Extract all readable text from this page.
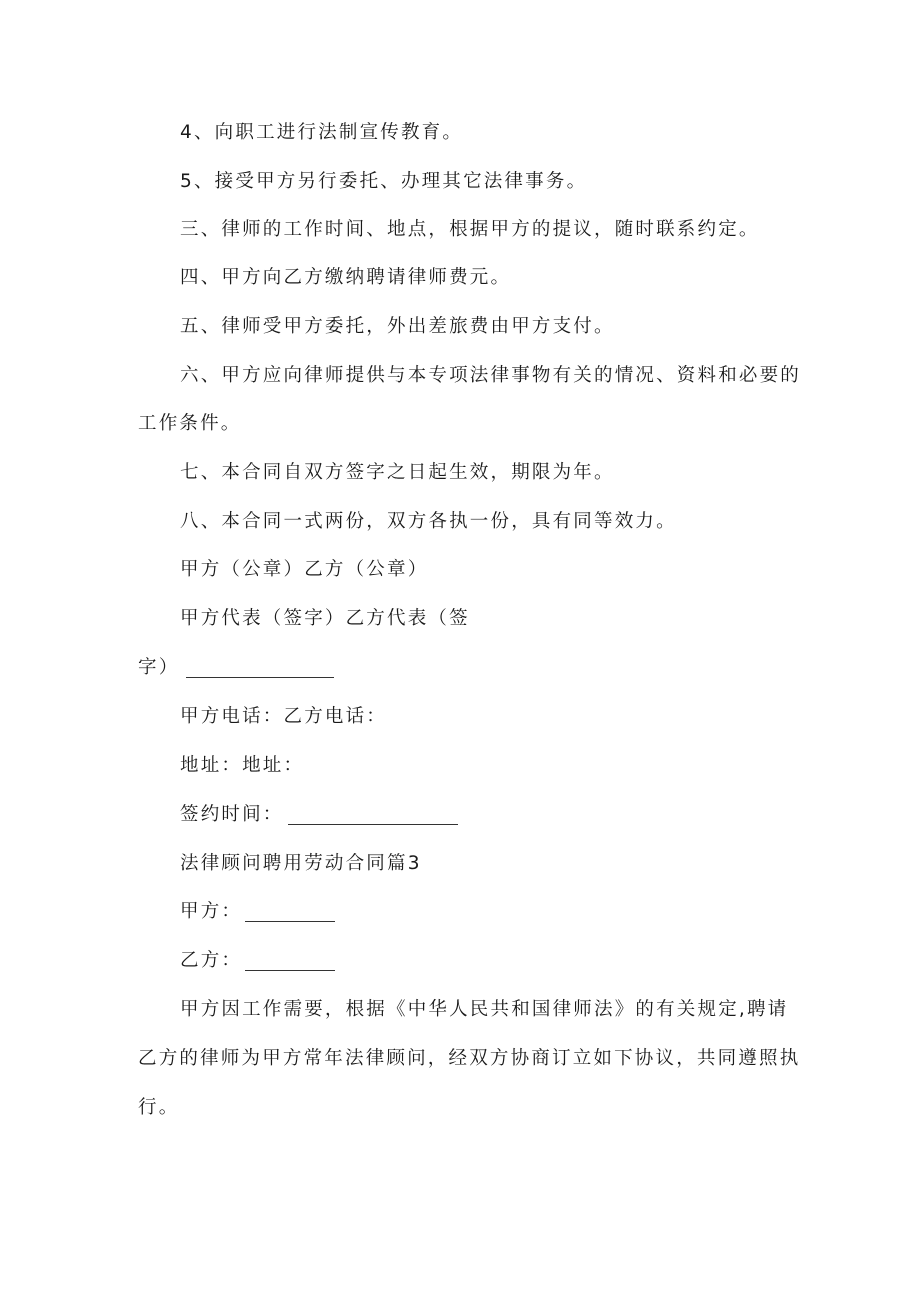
4、向职工进行法制宣传教育。
5、接受甲方另行委托、办理其它法律事务。
三、律师的工作时间、地点，根据甲方的提议，随时联系约定。
四、甲方向乙方缴纳聘请律师费元。
五、律师受甲方委托，外出差旅费由甲方支付。
六、甲方应向律师提供与本专项法律事物有关的情况、资料和必要的
工作条件。
七、本合同自双方签字之日起生效，期限为年。
八、本合同一式两份，双方各执一份，具有同等效力。
甲方（公章）乙方（公章）
甲方代表（签字）乙方代表（签
字）
甲方电话：乙方电话：
地址：地址：
签约时间：
法律顾问聘用劳动合同篇3
甲方：
乙方：
甲方因工作需要，根据《中华人民共和国律师法》的有关规定,聘请
乙方的律师为甲方常年法律顾问，经双方协商订立如下协议，共同遵照执
行。
